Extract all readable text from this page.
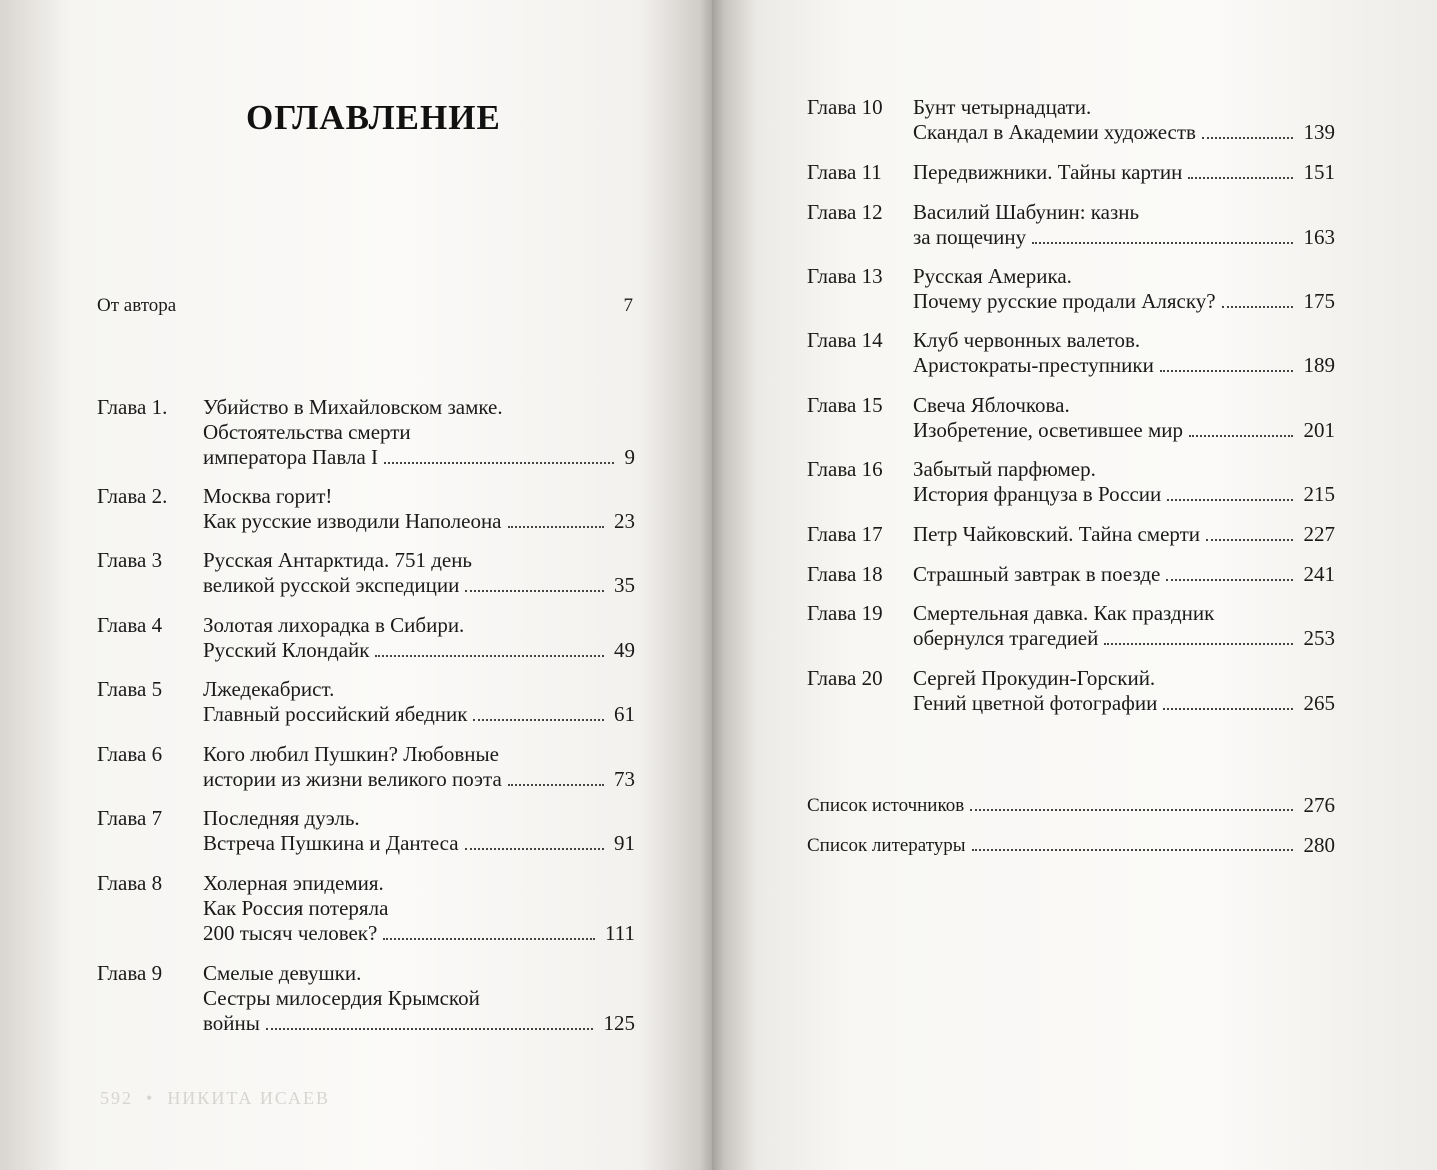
ОГЛАВЛЕНИЕ
От автора	7
Глава 1. Убийство в Михайловском замке.
Обстоятельства смерти
императора Павла I	9
Глава 2. Москва горит!
Как русские изводили Наполеона	23
Глава 3 Русская Антарктида. 751 день
великой русской экспедиции	35
Глава 4 Золотая лихорадка в Сибири.
Русский Клондайк	49
Глава 5 Лжедекабрист.
Главный российский ябедник	61
Глава 6 Кого любил Пушкин? Любовные
истории из жизни великого поэта	73
Глава 7 Последняя дуэль.
Встреча Пушкина и Дантеса	91
Глава 8 Холерная эпидемия.
Как Россия потеряла
200 тысяч человек?	111
Глава 9 Смелые девушки.
Сестры милосердия Крымской
войны	125
592  •  НИКИТА ИСАЕВ
Глава 10 Бунт четырнадцати.
Скандал в Академии художеств	139
Глава 11 Передвижники. Тайны картин	151
Глава 12 Василий Шабунин: казнь
за пощечину	163
Глава 13 Русская Америка.
Почему русские продали Аляску?	175
Глава 14 Клуб червонных валетов.
Аристократы-преступники	189
Глава 15 Свеча Яблочкова.
Изобретение, осветившее мир	201
Глава 16 Забытый парфюмер.
История француза в России	215
Глава 17 Петр Чайковский. Тайна смерти	227
Глава 18 Страшный завтрак в поезде	241
Глава 19 Смертельная давка. Как праздник
обернулся трагедией	253
Глава 20 Сергей Прокудин-Горский.
Гений цветной фотографии	265
Список источников	276
Список литературы	280
